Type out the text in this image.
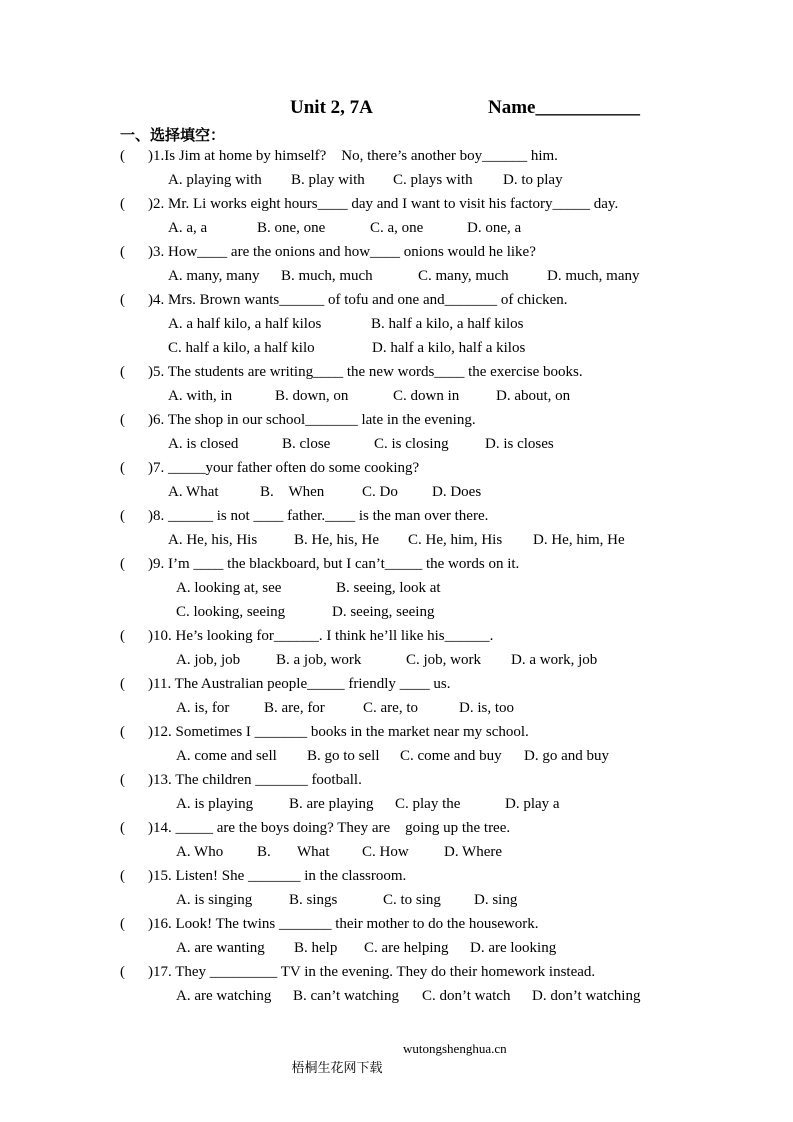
Unit 2, 7A	Name___________
一、选择填空：
( )1.Is Jim at home by himself?    No, there’s another boy______ him.
A. playing with B. play with C. plays with D. to play
( )2. Mr. Li works eight hours____ day and I want to visit his factory_____ day.
A. a, a	B. one, one	C. a, one	D. one, a
( )3. How____ are the onions and how____ onions would he like?
A. many, many B. much, much	C. many, much	D. much, many
( )4. Mrs. Brown wants______ of tofu and one and_______ of chicken.
A. a half kilo, a half kilos	B. half a kilo, a half kilos
C. half a kilo, a half kilo	D. half a kilo, half a kilos
( )5. The students are writing____ the new words____ the exercise books.
A. with, in	B. down, on	C. down in D. about, on
( )6. The shop in our school_______ late in the evening.
A. is closed	B. close	C. is closing D. is closes
( )7. _____your father often do some cooking?
A. What	B.    When	C. Do D. Does
( )8. ______ is not ____ father.____ is the man over there.
A. He, his, His B. He, his, He C. He, him, His D. He, him, He
( )9. I’m ____ the blackboard, but I can’t_____ the words on it.
A. looking at, see	B. seeing, look at
C. looking, seeing	D. seeing, seeing
( )10. He’s looking for______. I think he’ll like his______.
A. job, job B. a job, work	C. job, work D. a work, job
( )11. The Australian people_____ friendly ____ us.
A. is, for B. are, for	C. are, to	D. is, too
( )12. Sometimes I _______ books in the market near my school.
A. come and sell B. go to sell C. come and buy D. go and buy
( )13. The children _______ football.
A. is playing B. are playing C. play the	D. play a
( )14. _____ are the boys doing? They are    going up the tree.
A. Who B. What C. How D. Where
( )15. Listen! She _______ in the classroom.
A. is singing B. sings	C. to sing D. sing
( )16. Look! The twins _______ their mother to do the housework.
A. are wanting B. help C. are helping D. are looking
( )17. They _________ TV in the evening. They do their homework instead.
A. are watching B. can’t watching C. don’t watch D. don’t watching

梧桐生花网下载

wutongshenghua.cn
